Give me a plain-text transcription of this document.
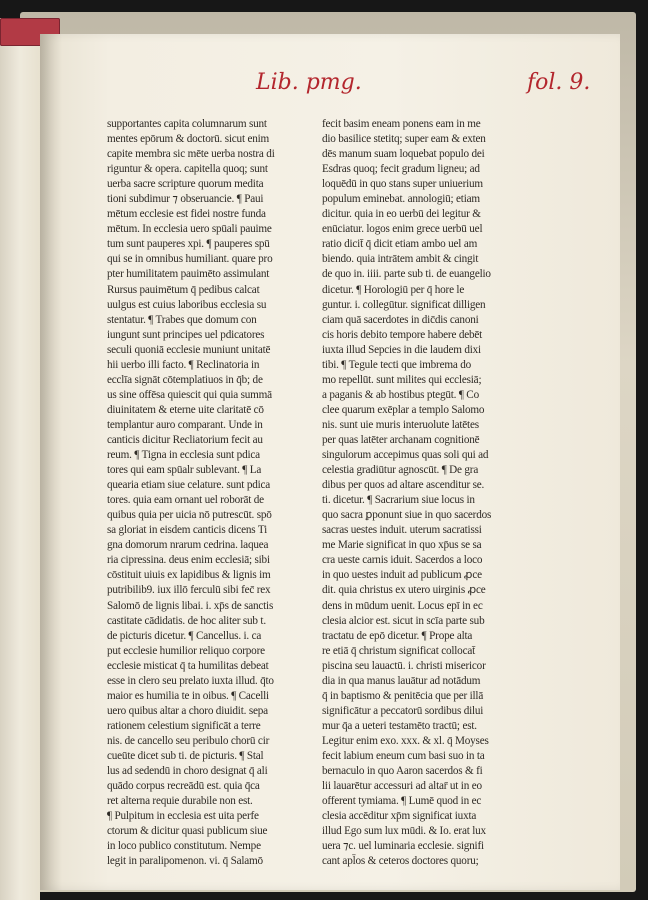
Lib. pmg.	fol. 9.
supportantes capita columnarum sunt
mentes epōrum & doctorū. sicut enim
capite membra sic mēte uerba nostra di
riguntur & opera. capitella quoq; sunt
uerba sacre scripture quorum medita
tioni subdimur ⁊ obseruancie. ¶ Paui
mētum ecclesie est fidei nostre funda
mētum. In ecclesia uero spūali pauime
tum sunt pauperes xpi. ¶ pauperes spū
qui se in omnibus humiliant. quare pro
pter humilitatem pauimēto assimulant
Rursus pauimētum q̄ pedibus calcat
uulgus est cuius laboribus ecclesia su
stentatur. ¶ Trabes que domum con
iungunt sunt principes uel pdicatores
seculi quoniā ecclesie muniunt unitatē
hii uerbo illi facto. ¶ Reclinatoria in
ecclīa signāt cōtemplatiuos in q̄b; de
us sine offēsa quiescit qui quia summā
diuinitatem & eterne uite claritatē cō
templantur auro comparant. Unde in
canticis dicitur Recliatorium fecit au
reum. ¶ Tigna in ecclesia sunt pdica
tores qui eam spūalr sublevant. ¶ La
quearia etiam siue celature. sunt pdica
tores. quia eam ornant uel roborāt de
quibus quia per uicia nō putrescūt. spō
sa gloriat in eisdem canticis dicens Ti
gna domorum nrarum cedrina. laquea
ria cipressina. deus enim ecclesiā; sibi
cōstituit uiuis ex lapidibus & lignis im
putribilib9. iux illō ferculū sibi fec̄ rex
Salomō de lignis libai. i. xp̄s de sanctis
castitate cādidatis. de hoc aliter sub t.
de picturis dicetur. ¶ Cancellus. i. ca
put ecclesie humilior reliquo corpore
ecclesie misticat q̄ ta humilitas debeat
esse in clero seu prelato iuxta illud. q̄to
maior es humilia te in oibus. ¶ Cacelli
uero quibus altar a choro diuidit. sepa
rationem celestium significāt a terre
nis. de cancello seu peribulo chorū cir
cueūte dicet sub ti. de picturis. ¶ Stal
lus ad sedendū in choro designat q̄ ali
quādo corpus recreādū est. quia q̄ca
ret alterna requie durabile non est.
¶ Pulpitum in ecclesia est uita perfe
ctorum & dicitur quasi publicum siue
in loco publico constitutum. Nempe
legit in paralipomenon. vi. q̄ Salamō
fecit basim eneam ponens eam in me
dio basilice stetitq; super eam & exten
dēs manum suam loquebat populo dei
Esdras quoq; fecit gradum ligneu; ad
loquēdū in quo stans super uniuerium
populum eminebat. annologiū; etiam
dicitur. quia in eo uerbū dei legitur &
enūciatur. logos enim grece uerbū uel
ratio dicit̄ q̄ dicit etiam ambo uel am
biendo. quia intrātem ambit & cingit
de quo in. iiii. parte sub ti. de euangelio
dicetur. ¶ Horologiū per q̄ hore le
guntur. i. collegūtur. significat dilligen
ciam quā sacerdotes in dic̄dis canoni
cis horis debito tempore habere debēt
iuxta illud Sepcies in die laudem dixi
tibi. ¶ Tegule tecti que imbrema do
mo repellūt. sunt milites qui ecclesiā;
a paganis & ab hostibus ptegūt. ¶ Co
clee quarum exēplar a templo Salomo
nis. sunt uie muris interuolute latētes
per quas latēter archanam cognitionē
singulorum accepimus quas soli qui ad
celestia gradiūtur agnoscūt. ¶ De gra
dibus per quos ad altare ascenditur se.
ti. dicetur. ¶ Sacrarium siue locus in
quo sacra ꝑponunt siue in quo sacerdos
sacras uestes induit. uterum sacratissi
me Marie significat in quo xp̄us se sa
cra ueste carnis iduit. Sacerdos a loco
in quo uestes induit ad publicum ꝓce
dit. quia christus ex utero uirginis ꝓce
dens in mūdum uenit. Locus epī in ec
clesia alcior est. sicut in scīa parte sub
tractatu de epō dicetur. ¶ Prope alta
re etiā q̄ christum significat collocat̄
piscina seu lauactū. i. christi misericor
dia in qua manus lauātur ad notādum
q̄ in baptismo & penitēcia que per illā
significātur a peccatorū sordibus dilui
mur q̄a a ueteri testamēto tractū; est.
Legitur enim exo. xxx. & xl. q̄ Moyses
fecit labium eneum cum basi suo in ta
bernaculo in quo Aaron sacerdos & fi
lii lauarētur accessuri ad altar̄ ut in eo
offerent tymiama. ¶ Lumē quod in ec
clesia accēditur xp̄m significat iuxta
illud Ego sum lux mūdi. & Io. erat lux
uera ⁊c. uel luminaria ecclesie. signifi
cant apl̄os & ceteros doctores quoru;
